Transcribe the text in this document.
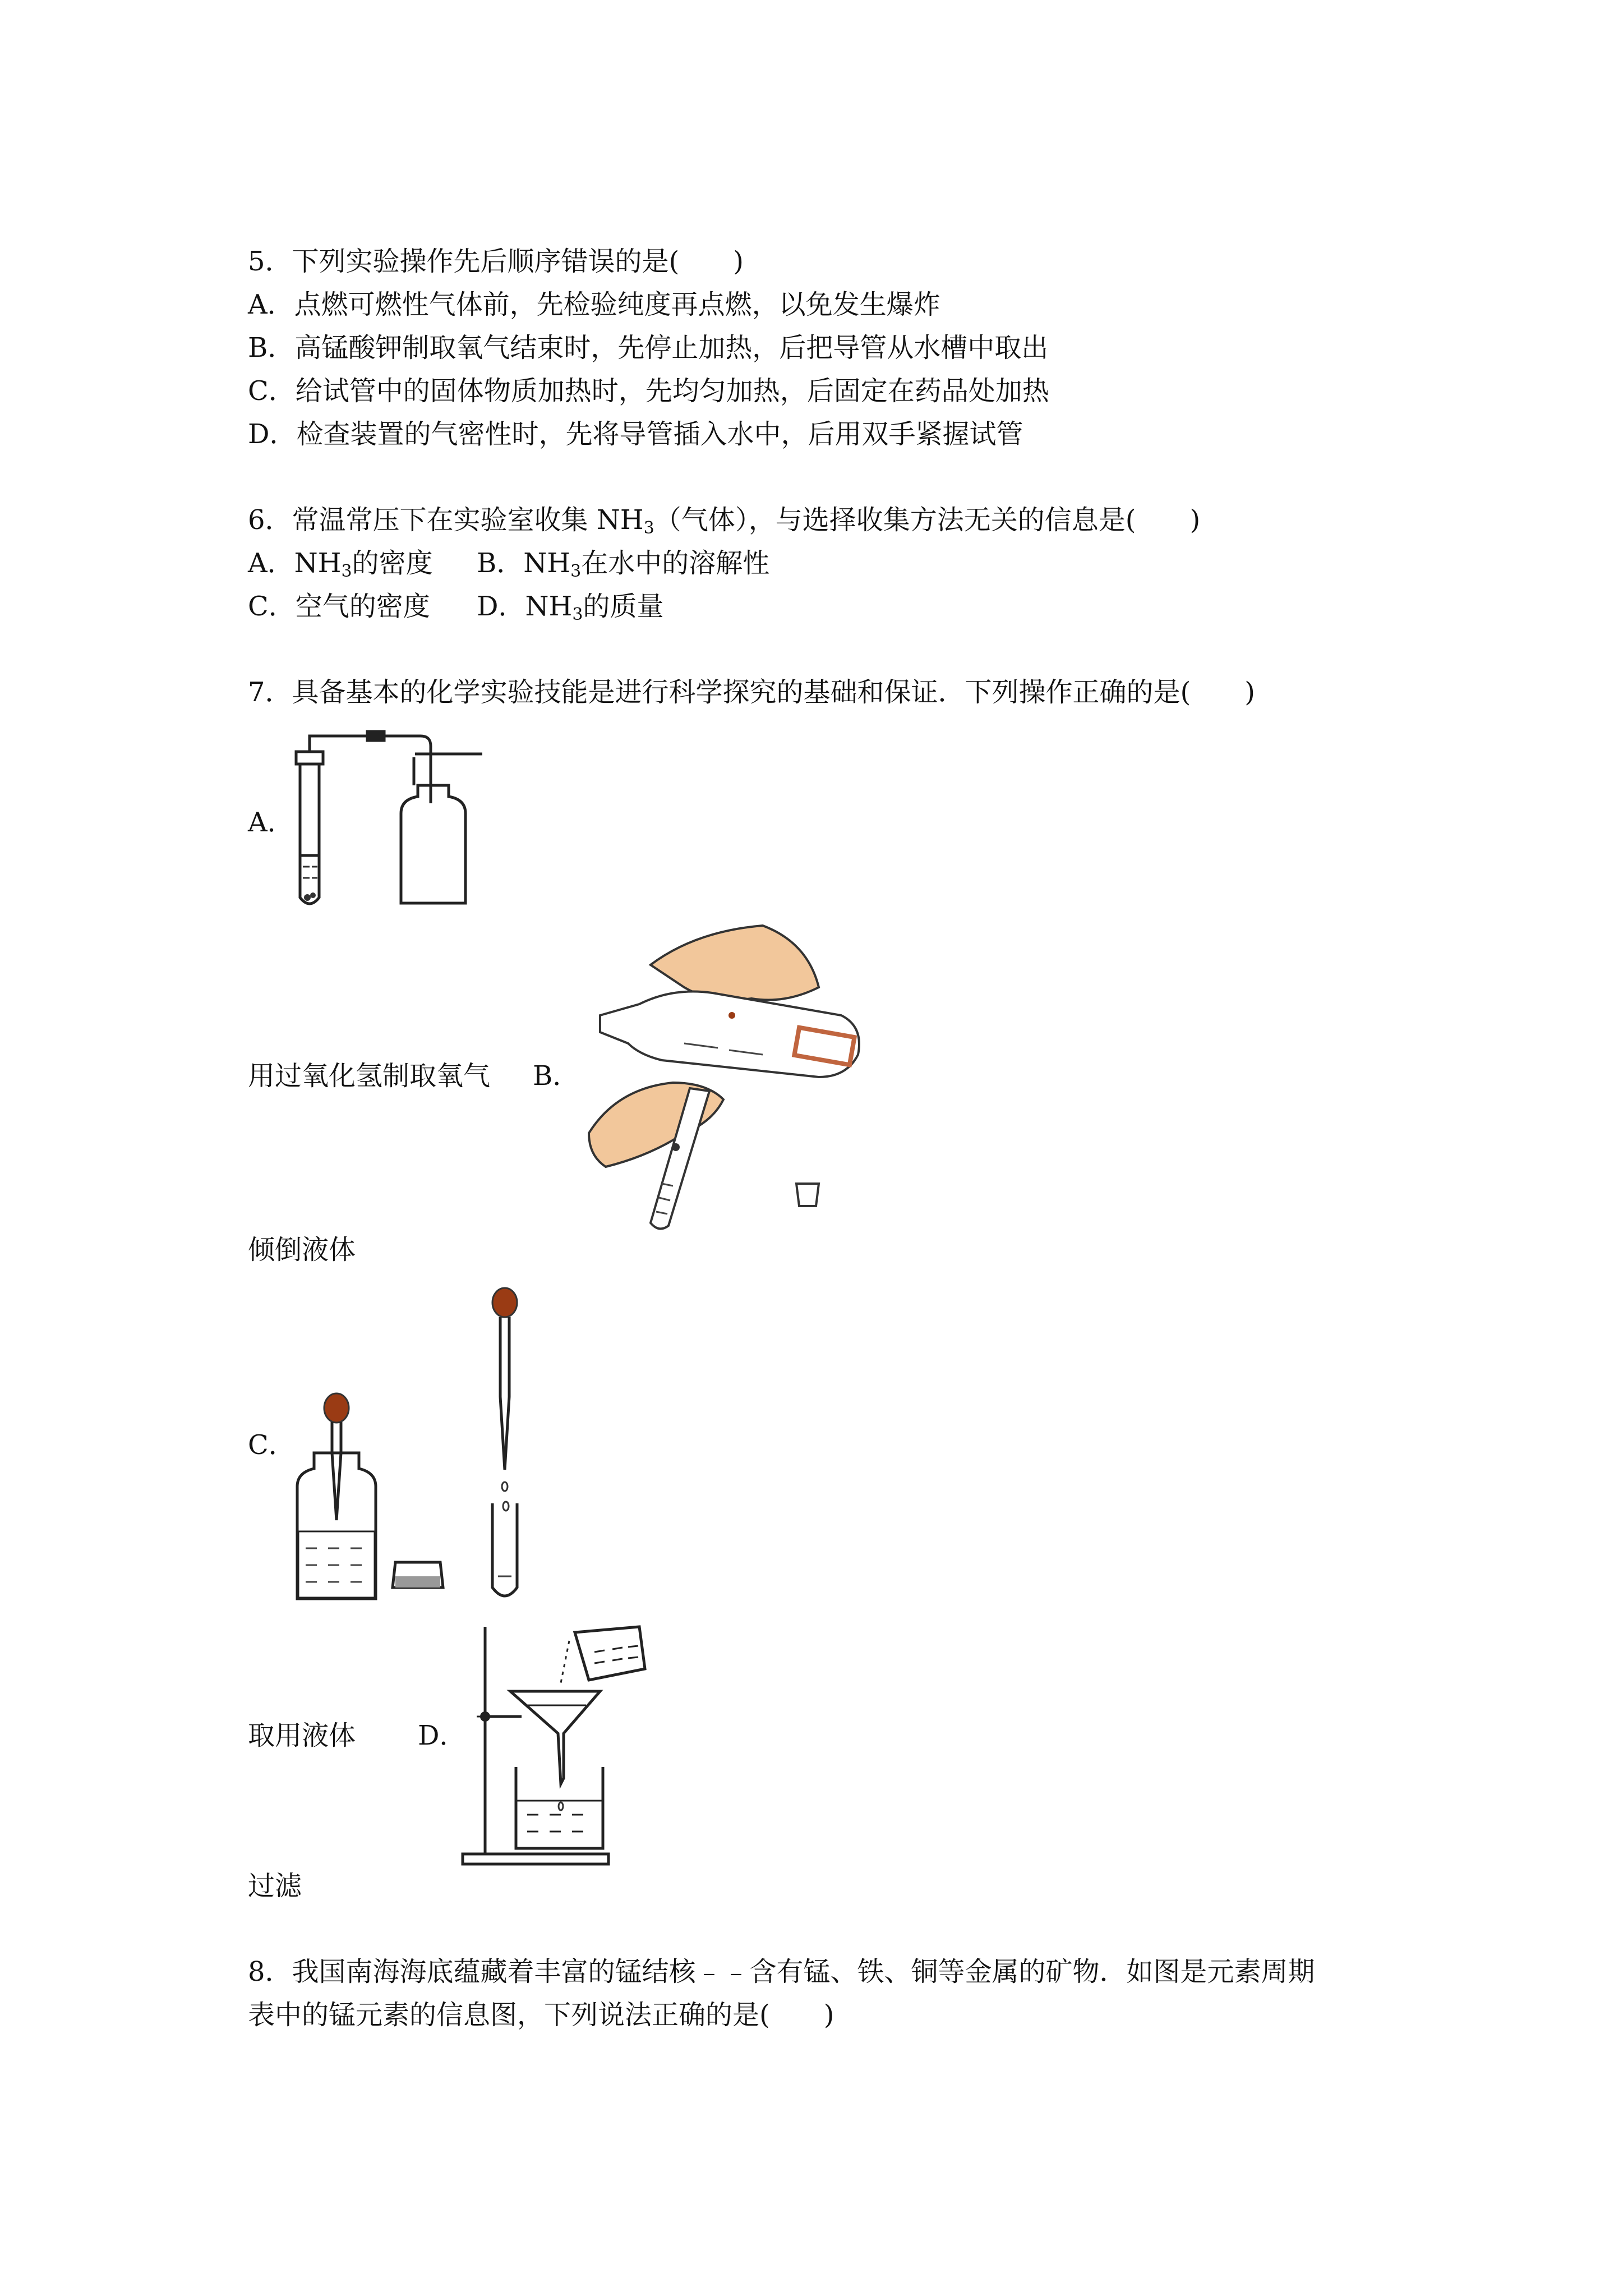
5．下列实验操作先后顺序错误的是(　　)

A．点燃可燃性气体前，先检验纯度再点燃，以免发生爆炸

B．高锰酸钾制取氧气结束时，先停止加热，后把导管从水槽中取出

C．给试管中的固体物质加热时，先均匀加热，后固定在药品处加热

D．检查装置的气密性时，先将导管插入水中，后用双手紧握试管

6．常温常压下在实验室收集 $NH_3$（气体），与选择收集方法无关的信息是(　　)

A．$NH_3$的密度 B．$NH_3$在水中的溶解性

C．空气的密度 D．$NH_3$的质量

7．具备基本的化学实验技能是进行科学探究的基础和保证．下列操作正确的是(　　)

A．

用过氧化氢制取氧气 B．

倾倒液体

C．

取用液体 D．

过滤

8．我国南海海底蕴藏着丰富的锰结核﹣﹣含有锰、铁、铜等金属的矿物．如图是元素周期

表中的锰元素的信息图，下列说法正确的是(　　)
